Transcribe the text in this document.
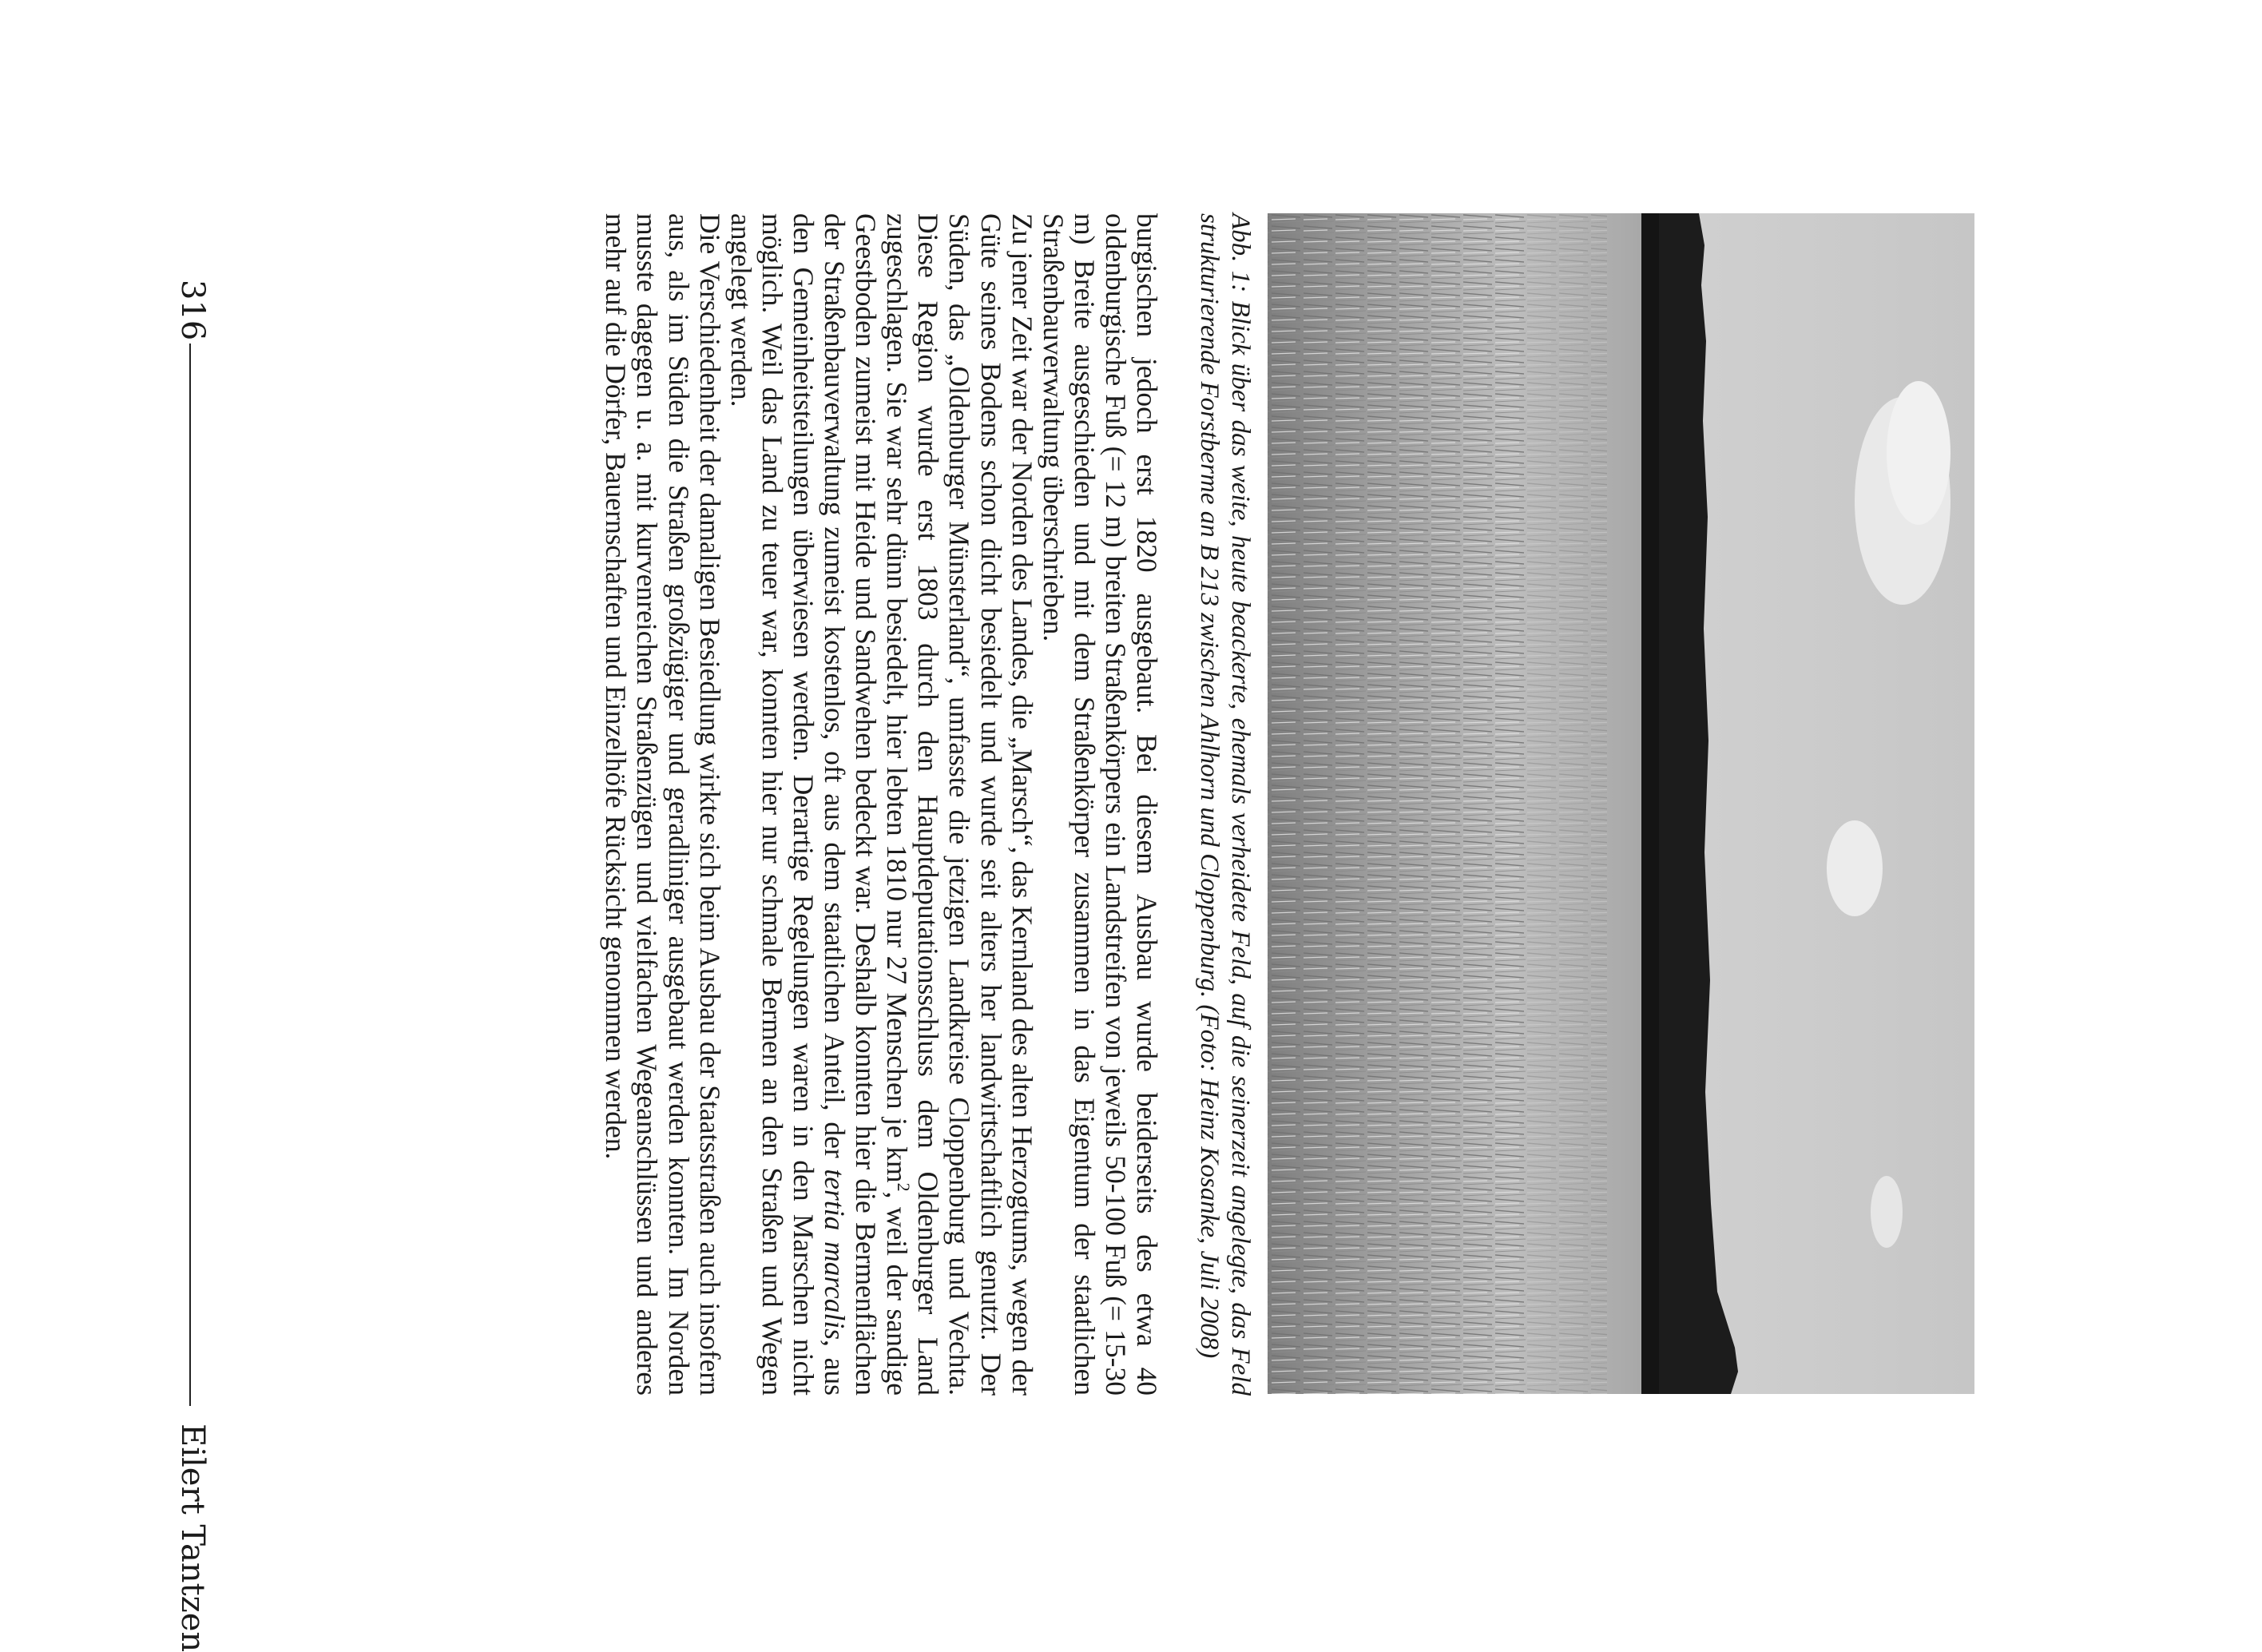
316
Eilert Tantzen
Abb. 1: Blick über das weite, heute beackerte, ehemals verheidete Feld, auf die seinerzeit angelegte, das Feld strukturierende Forstberme an B 213 zwischen Ahlhorn und Cloppenburg. (Foto: Heinz Kosanke, Juli 2008)

burgischen jedoch erst 1820 ausgebaut. Bei diesem Ausbau wurde beiderseits des etwa 40 oldenburgische Fuß (= 12 m) breiten Straßenkörpers ein Landstreifen von jeweils 50-100 Fuß (= 15-30 m) Breite ausgeschieden und mit dem Straßenkörper zusammen in das Eigentum der staatlichen Straßenbauverwaltung überschrieben.

Zu jener Zeit war der Norden des Landes, die „Marsch“, das Kernland des alten Herzogtums, wegen der Güte seines Bodens schon dicht besiedelt und wurde seit alters her landwirtschaftlich genutzt. Der Süden, das „Oldenburger Münsterland“, umfasste die jetzigen Landkreise Cloppenburg und Vechta. Diese Region wurde erst 1803 durch den Hauptdeputationsschluss dem Oldenburger Land zugeschlagen. Sie war sehr dünn besiedelt, hier lebten 1810 nur 27 Menschen je $km^2$, weil der sandige Geestboden zumeist mit Heide und Sandwehen bedeckt war. Deshalb konnten hier die Bermenflächen der Straßenbauverwaltung zumeist kostenlos, oft aus dem staatlichen Anteil, der tertia marcalis, aus den Gemeinheitsteilungen überwiesen werden. Derartige Regelungen waren in den Marschen nicht möglich. Weil das Land zu teuer war, konnten hier nur schmale Bermen an den Straßen und Wegen angelegt werden.

Die Verschiedenheit der damaligen Besiedlung wirkte sich beim Ausbau der Staatsstraßen auch insofern aus, als im Süden die Straßen großzügiger und geradliniger ausgebaut werden konnten. Im Norden musste dagegen u. a. mit kurvenreichen Straßenzügen und vielfachen Wegeanschlüssen und anderes mehr auf die Dörfer, Bauernschaften und Einzelhöfe Rücksicht genommen werden.
